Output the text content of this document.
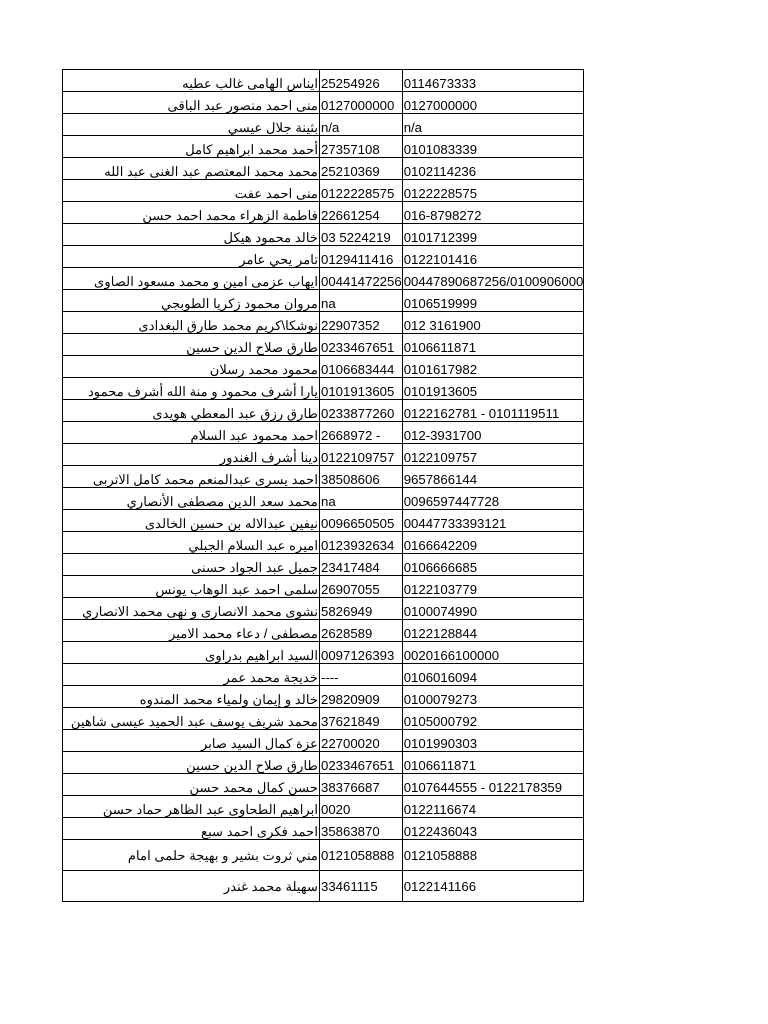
ايناس الهامى غالب عطيه	25254926	0114673333
منى احمد منصور عبد الباقى	0127000000	0127000000
بثينة جلال عيسي	n/a	n/a
أحمد محمد ابراهيم كامل	27357108	0101083339
محمد محمد المعتصم عبد الغنى عبد الله	25210369	0102114236
منى احمد عفت	0122228575	0122228575
فاطمة الزهراء محمد احمد حسن	22661254	016-8798272
خالد محمود هيكل	03 5224219	0101712399
تامر يحي عامر	0129411416	0122101416
ايهاب عزمى امين و محمد مسعود الصاوى	00441472256	00447890687256/0100906000
مروان محمود زكريا الطوبجي	na	0106519999
نوشكا\كريم محمد طارق البغدادى	22907352	012 3161900
طارق صلاح الدين حسين	0233467651	0106611871
محمود محمد رسلان	0106683444	0101617982
يارا أشرف محمود و منة الله أشرف محمود	0101913605	0101913605
طارق رزق عبد المعطي هويدى	0233877260	0122162781 - 0101119511
احمد محمود عبد السلام	2668972 -	012-3931700
دينا أشرف الغندور	0122109757	0122109757
احمد يسرى عبدالمنعم محمد كامل الاتربى	38508606	9657866144
محمد سعد الدين مصطفى الأنصاري	na	0096597447728
نيفين عبدالاله بن حسين الخالدى	0096650505	00447733393121
اميره عبد السلام الجبلي	0123932634	0166642209
جميل عبد الجواد حسنى	23417484	0106666685
سلمى احمد عبد الوهاب يونس	26907055	0122103779
نشوى محمد الانصارى و نهى محمد الانصاري	5826949	0100074990
مصطفى / دعاء محمد الامير	2628589	0122128844
السيد ابراهيم بدراوى	0097126393	0020166100000
خديجة محمد عمر	----	0106016094
خالد و إيمان ولمياء محمد المندوه	29820909	0100079273
محمد شريف يوسف عبد الحميد عيسى شاهين	37621849	0105000792
عزة كمال السيد صابر	22700020	0101990303
طارق صلاح الدين حسين	0233467651	0106611871
حسن كمال محمد حسن	38376687	0107644555 - 0122178359
ابراهيم الطحاوى عبد الظاهر حماد حسن	0020	0122116674
احمد فكرى احمد سبع	35863870	0122436043
مني ثروت بشير و بهيجة حلمى امام	0121058888	0121058888
سهيلة محمد غندر	33461115	0122141166
